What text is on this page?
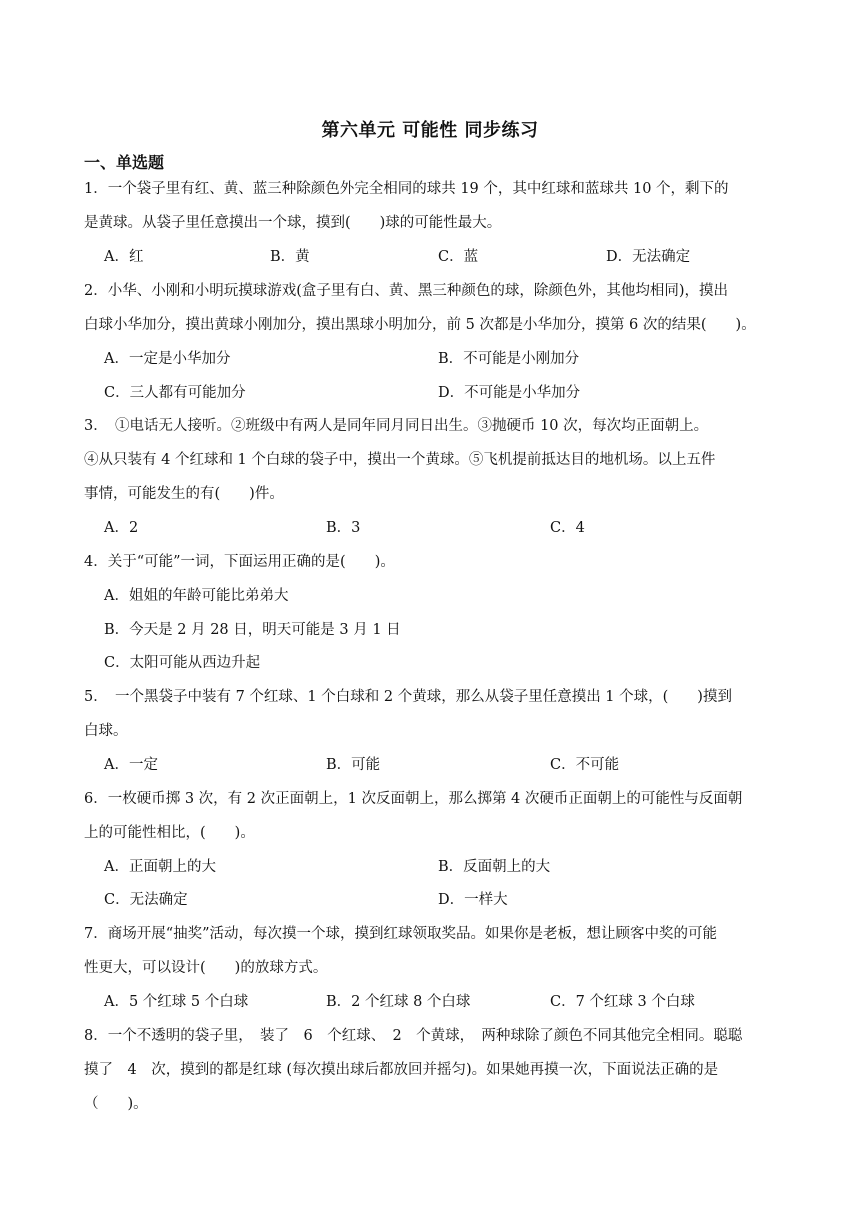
第六单元 可能性 同步练习
一、单选题
1．一个袋子里有红、黄、蓝三种除颜色外完全相同的球共 19 个，其中红球和蓝球共 10 个，剩下的
是黄球。从袋子里任意摸出一个球，摸到(　　)球的可能性最大。
A．红	B．黄	C．蓝	D．无法确定
2．小华、小刚和小明玩摸球游戏(盒子里有白、黄、黑三种颜色的球，除颜色外，其他均相同)，摸出
白球小华加分，摸出黄球小刚加分，摸出黑球小明加分，前 5 次都是小华加分，摸第 6 次的结果(　　)。
A．一定是小华加分	B．不可能是小刚加分
C．三人都有可能加分	D．不可能是小华加分
3．　①电话无人接听。②班级中有两人是同年同月同日出生。③抛硬币 10 次，每次均正面朝上。
④从只装有 4 个红球和 1 个白球的袋子中，摸出一个黄球。⑤飞机提前抵达目的地机场。以上五件
事情，可能发生的有(　　)件。
A．2	B．3	C．4
4．关于“可能”一词，下面运用正确的是(　　)。
A．姐姐的年龄可能比弟弟大
B．今天是 2 月 28 日，明天可能是 3 月 1 日
C．太阳可能从西边升起
5．　一个黑袋子中装有 7 个红球、1 个白球和 2 个黄球，那么从袋子里任意摸出 1 个球，(　　)摸到
白球。
A．一定	B．可能	C．不可能
6．一枚硬币掷 3 次，有 2 次正面朝上，1 次反面朝上，那么掷第 4 次硬币正面朝上的可能性与反面朝
上的可能性相比，(　　)。
A．正面朝上的大	B．反面朝上的大
C．无法确定	D．一样大
7．商场开展“抽奖”活动，每次摸一个球，摸到红球领取奖品。如果你是老板，想让顾客中奖的可能
性更大，可以设计(　　)的放球方式。
A．5 个红球 5 个白球	B．2 个红球 8 个白球	C．7 个红球 3 个白球
8．一个不透明的袋子里，　装了　6　个红球、　2　个黄球，　两种球除了颜色不同其他完全相同。聪聪
摸了　4　次，摸到的都是红球 (每次摸出球后都放回并摇匀)。如果她再摸一次，下面说法正确的是
（　　)。
